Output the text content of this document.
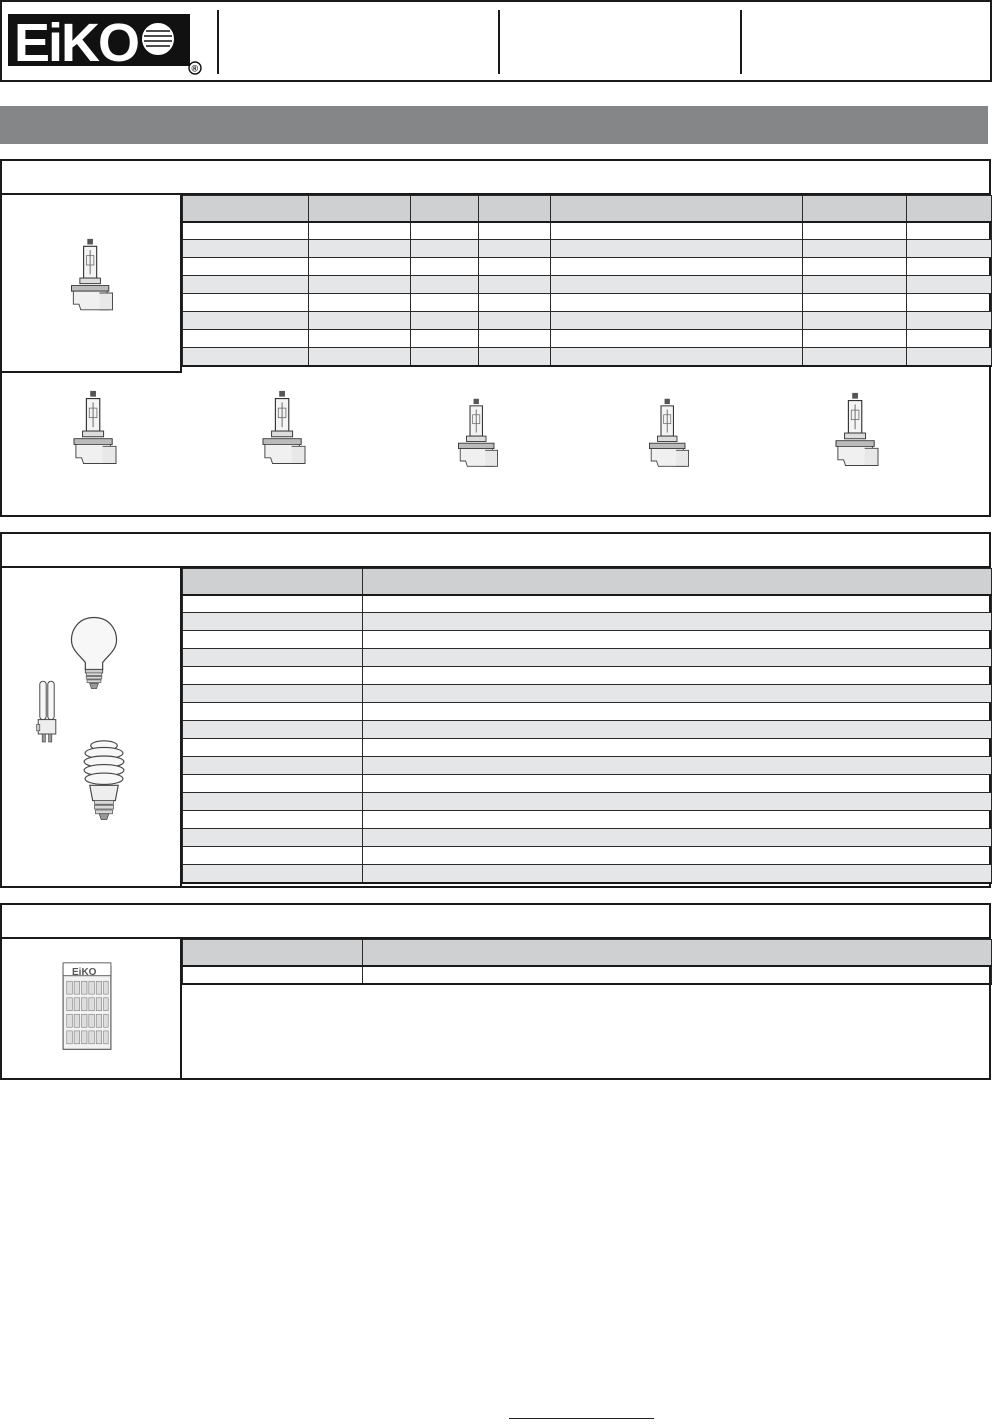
EiKO	®

EiKO
